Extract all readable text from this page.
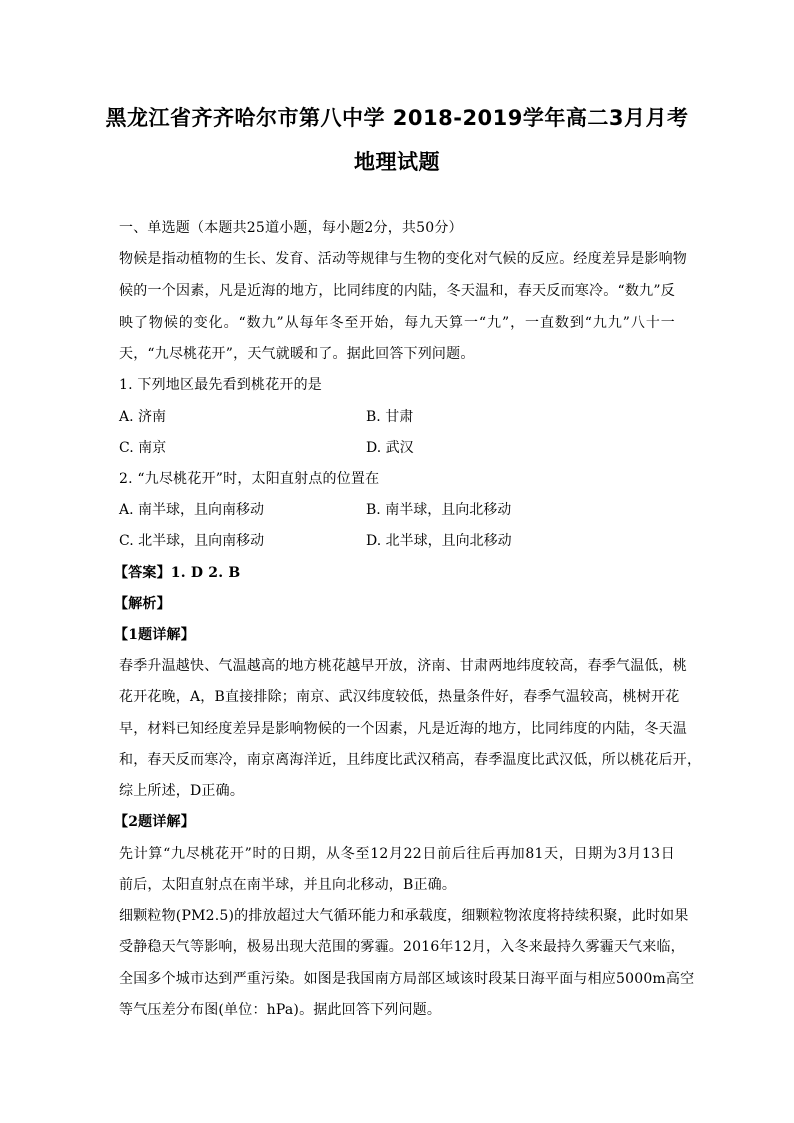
黑龙江省齐齐哈尔市第八中学 2018-2019学年高二3月月考
地理试题
一、单选题（本题共25道小题，每小题2分，共50分）
物候是指动植物的生长、发育、活动等规律与生物的变化对气候的反应。经度差异是影响物
候的一个因素，凡是近海的地方，比同纬度的内陆，冬天温和，春天反而寒冷。“数九”反
映了物候的变化。“数九”从每年冬至开始，每九天算一“九”，一直数到“九九”八十一
天，“九尽桃花开”，天气就暖和了。据此回答下列问题。
1. 下列地区最先看到桃花开的是
A. 济南	B. 甘肃
C. 南京	D. 武汉
2. “九尽桃花开”时，太阳直射点的位置在
A. 南半球，且向南移动	B. 南半球，且向北移动
C. 北半球，且向南移动	D. 北半球，且向北移动
【答案】1. D 2. B
【解析】
【1题详解】
春季升温越快、气温越高的地方桃花越早开放，济南、甘肃两地纬度较高，春季气温低，桃
花开花晚，A，B直接排除；南京、武汉纬度较低，热量条件好，春季气温较高，桃树开花
早，材料已知经度差异是影响物候的一个因素，凡是近海的地方，比同纬度的内陆，冬天温
和，春天反而寒冷，南京离海洋近，且纬度比武汉稍高，春季温度比武汉低，所以桃花后开，
综上所述，D正确。
【2题详解】
先计算“九尽桃花开”时的日期，从冬至12月22日前后往后再加81天，日期为3月13日
前后，太阳直射点在南半球，并且向北移动，B正确。
细颗粒物(PM2.5)的排放超过大气循环能力和承载度，细颗粒物浓度将持续积聚，此时如果
受静稳天气等影响，极易出现大范围的雾霾。2016年12月，入冬来最持久雾霾天气来临，
全国多个城市达到严重污染。如图是我国南方局部区域该时段某日海平面与相应5000m高空
等气压差分布图(单位：hPa)。据此回答下列问题。
